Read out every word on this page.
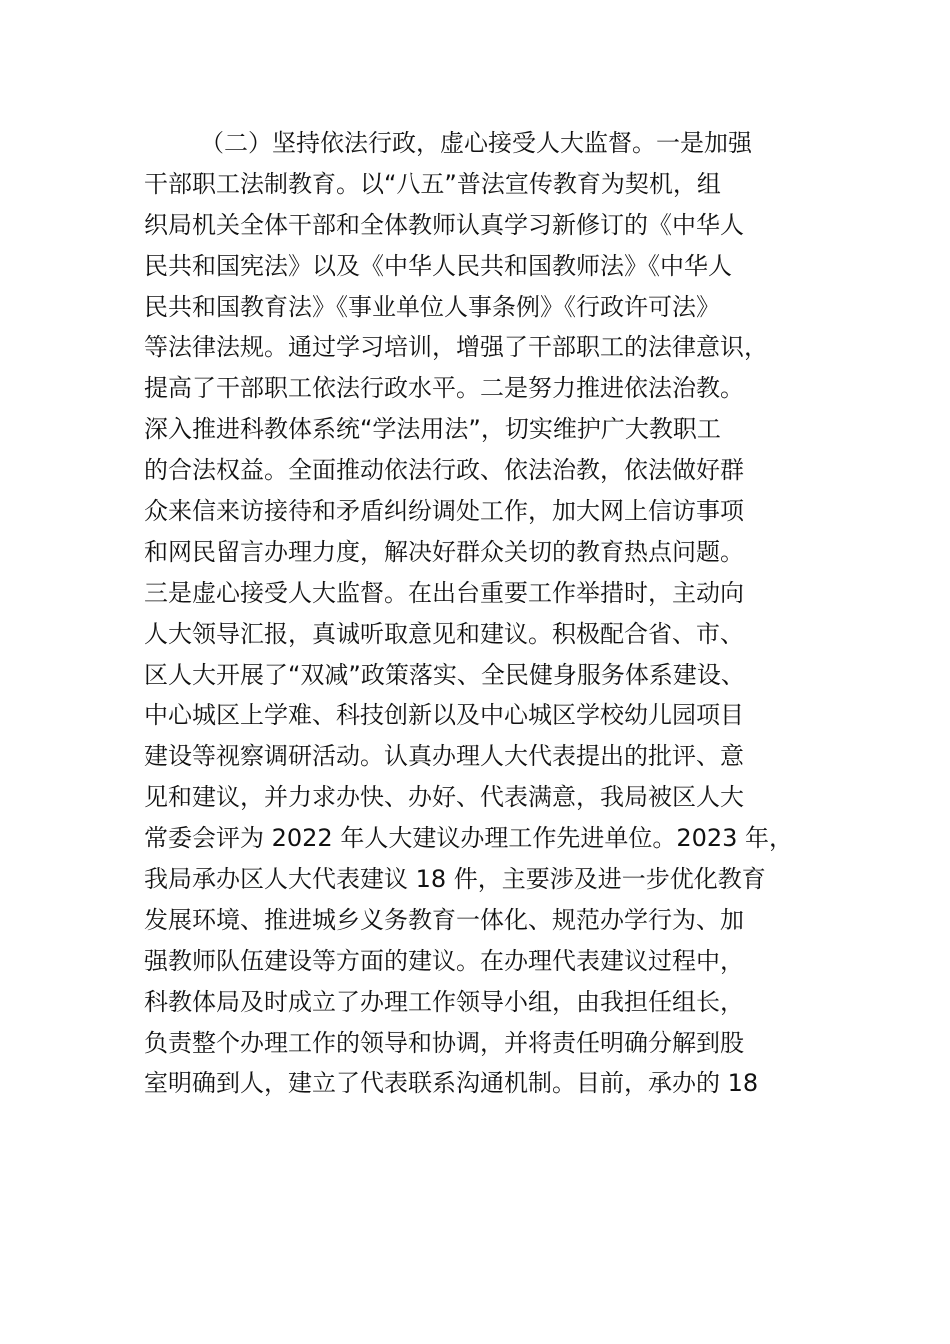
（二）坚持依法行政，虚心接受人大监督。一是加强
干部职工法制教育。以“八五”普法宣传教育为契机，组
织局机关全体干部和全体教师认真学习新修订的《中华人
民共和国宪法》以及《中华人民共和国教师法》《中华人
民共和国教育法》《事业单位人事条例》《行政许可法》
等法律法规。通过学习培训，增强了干部职工的法律意识，
提高了干部职工依法行政水平。二是努力推进依法治教。
深入推进科教体系统“学法用法”，切实维护广大教职工
的合法权益。全面推动依法行政、依法治教，依法做好群
众来信来访接待和矛盾纠纷调处工作，加大网上信访事项
和网民留言办理力度，解决好群众关切的教育热点问题。
三是虚心接受人大监督。在出台重要工作举措时，主动向
人大领导汇报，真诚听取意见和建议。积极配合省、市、
区人大开展了“双减”政策落实、全民健身服务体系建设、
中心城区上学难、科技创新以及中心城区学校幼儿园项目
建设等视察调研活动。认真办理人大代表提出的批评、意
见和建议，并力求办快、办好、代表满意，我局被区人大
常委会评为 2022 年人大建议办理工作先进单位。2023 年，
我局承办区人大代表建议 18 件，主要涉及进一步优化教育
发展环境、推进城乡义务教育一体化、规范办学行为、加
强教师队伍建设等方面的建议。在办理代表建议过程中，
科教体局及时成立了办理工作领导小组，由我担任组长，
负责整个办理工作的领导和协调，并将责任明确分解到股
室明确到人，建立了代表联系沟通机制。目前，承办的 18
